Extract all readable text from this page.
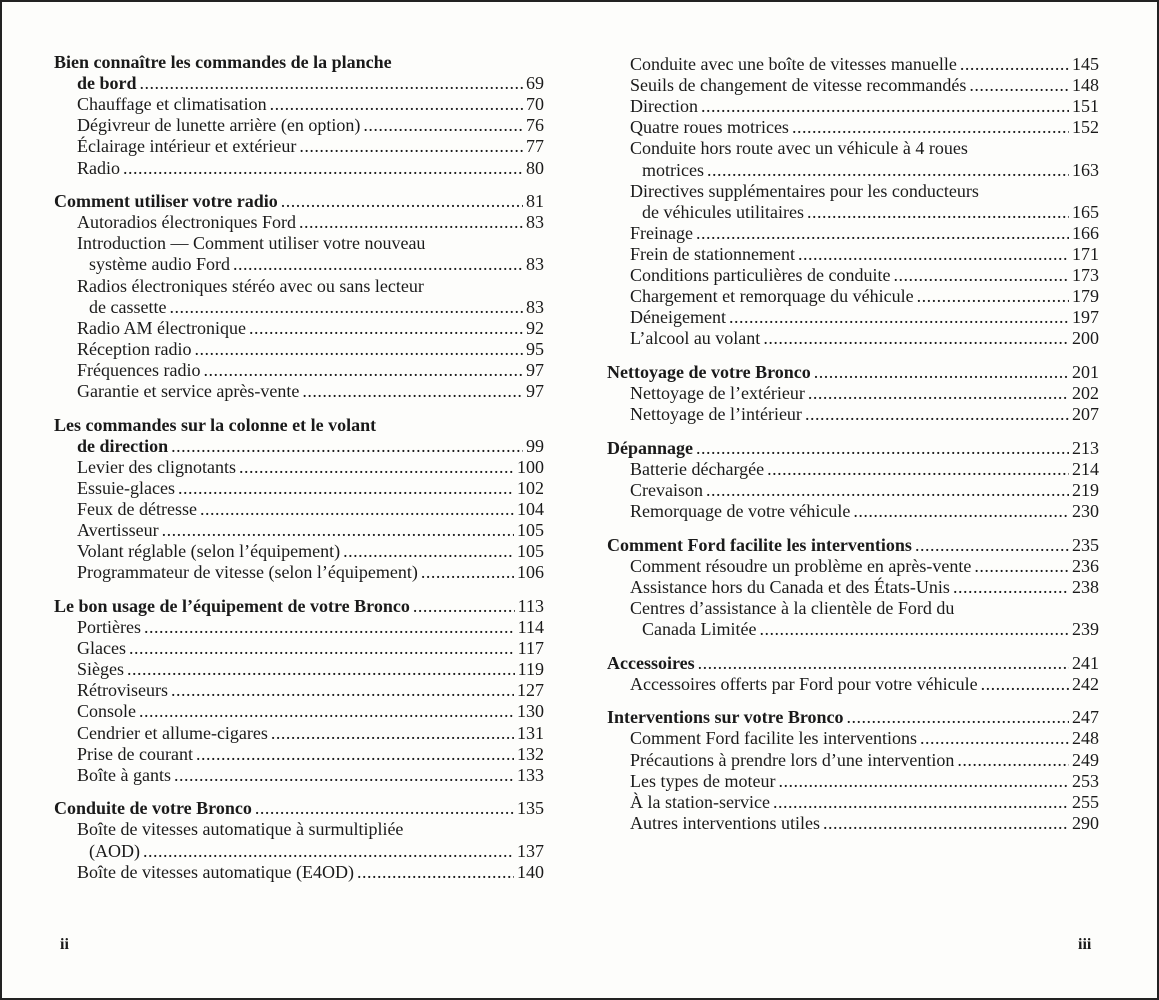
Bien connaître les commandes de la planche
de bord . . .	69
Chauffage et climatisation . . .	70
Dégivreur de lunette arrière (en option) . . .	76
Éclairage intérieur et extérieur . . .	77
Radio . . .	80
Comment utiliser votre radio . . .	81
Autoradios électroniques Ford . . .	83
Introduction — Comment utiliser votre nouveau
système audio Ford . . .	83
Radios électroniques stéréo avec ou sans lecteur
de cassette . . .	83
Radio AM électronique . . .	92
Réception radio . . .	95
Fréquences radio . . .	97
Garantie et service après-vente . . .	97
Les commandes sur la colonne et le volant
de direction . . .	99
Levier des clignotants . . .	100
Essuie-glaces . . .	102
Feux de détresse . . .	104
Avertisseur . . .	105
Volant réglable (selon l’équipement) . . .	105
Programmateur de vitesse (selon l’équipement) . . .	106
Le bon usage de l’équipement de votre Bronco . . .	113
Portières . . .	114
Glaces . . .	117
Sièges . . .	119
Rétroviseurs . . .	127
Console . . .	130
Cendrier et allume-cigares . . .	131
Prise de courant . . .	132
Boîte à gants . . .	133
Conduite de votre Bronco . . .	135
Boîte de vitesses automatique à surmultipliée
(AOD) . . .	137
Boîte de vitesses automatique (E4OD) . . .	140
Conduite avec une boîte de vitesses manuelle . . .	145
Seuils de changement de vitesse recommandés . . .	148
Direction . . .	151
Quatre roues motrices . . .	152
Conduite hors route avec un véhicule à 4 roues
motrices . . .	163
Directives supplémentaires pour les conducteurs
de véhicules utilitaires . . .	165
Freinage . . .	166
Frein de stationnement . . .	171
Conditions particulières de conduite . . .	173
Chargement et remorquage du véhicule . . .	179
Déneigement . . .	197
L’alcool au volant . . .	200
Nettoyage de votre Bronco . . .	201
Nettoyage de l’extérieur . . .	202
Nettoyage de l’intérieur . . .	207
Dépannage . . .	213
Batterie déchargée . . .	214
Crevaison . . .	219
Remorquage de votre véhicule . . .	230
Comment Ford facilite les interventions . . .	235
Comment résoudre un problème en après-vente . . .	236
Assistance hors du Canada et des États-Unis . . .	238
Centres d’assistance à la clientèle de Ford du
Canada Limitée . . .	239
Accessoires . . .	241
Accessoires offerts par Ford pour votre véhicule . . .	242
Interventions sur votre Bronco . . .	247
Comment Ford facilite les interventions . . .	248
Précautions à prendre lors d’une intervention . . .	249
Les types de moteur . . .	253
À la station-service . . .	255
Autres interventions utiles . . .	290
ii	iii
